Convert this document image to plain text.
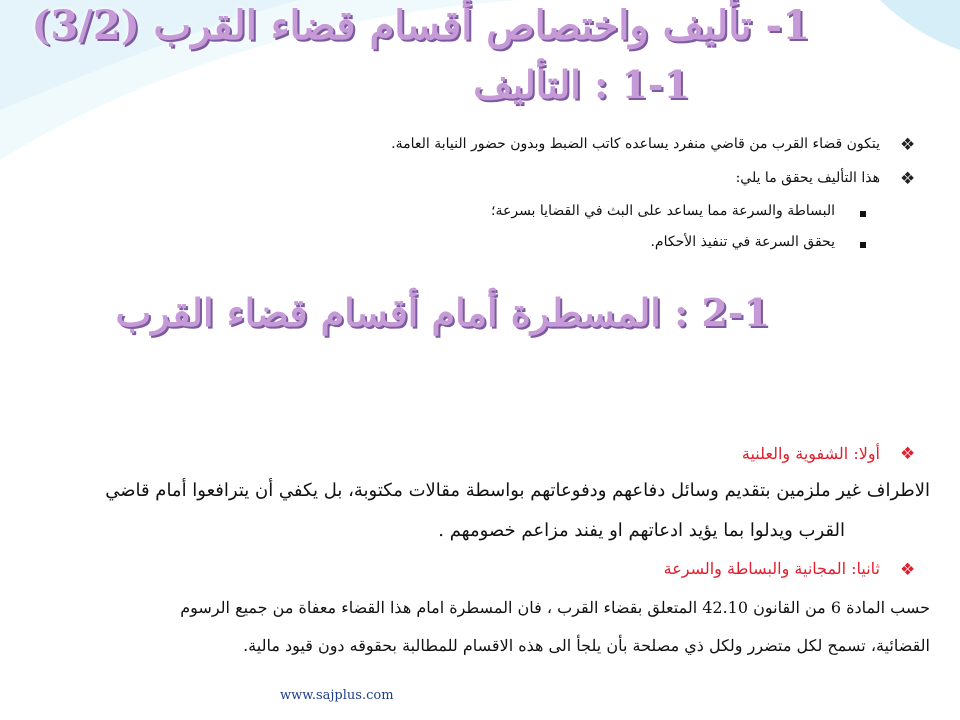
1- تأليف واختصاص أقسام قضاء القرب (3/2)
1-1 : التأليف
❖
يتكون قضاء القرب من قاضي منفرد يساعده كاتب الضبط وبدون حضور النيابة العامة.
❖
هذا التأليف يحقق ما يلي:
البساطة والسرعة مما يساعد على البث في القضايا بسرعة؛
يحقق السرعة في تنفيذ الأحكام.
2-1 : المسطرة أمام أقسام قضاء القرب
❖
أولا: الشفوية والعلنية
الاطراف غير ملزمين بتقديم وسائل دفاعهم ودفوعاتهم بواسطة مقالات مكتوبة، بل يكفي أن يترافعوا أمام قاضي
القرب ويدلوا بما يؤيد ادعاتهم او يفند مزاعم خصومهم .
❖
ثانيا: المجانية والبساطة والسرعة
حسب المادة 6 من القانون 42.10 المتعلق بقضاء القرب ، فان المسطرة امام هذا القضاء معفاة من جميع الرسوم
القضائية، تسمح لكل متضرر ولكل ذي مصلحة بأن يلجأ الى هذه الاقسام للمطالبة بحقوقه دون قيود مالية.
www.sajplus.com
